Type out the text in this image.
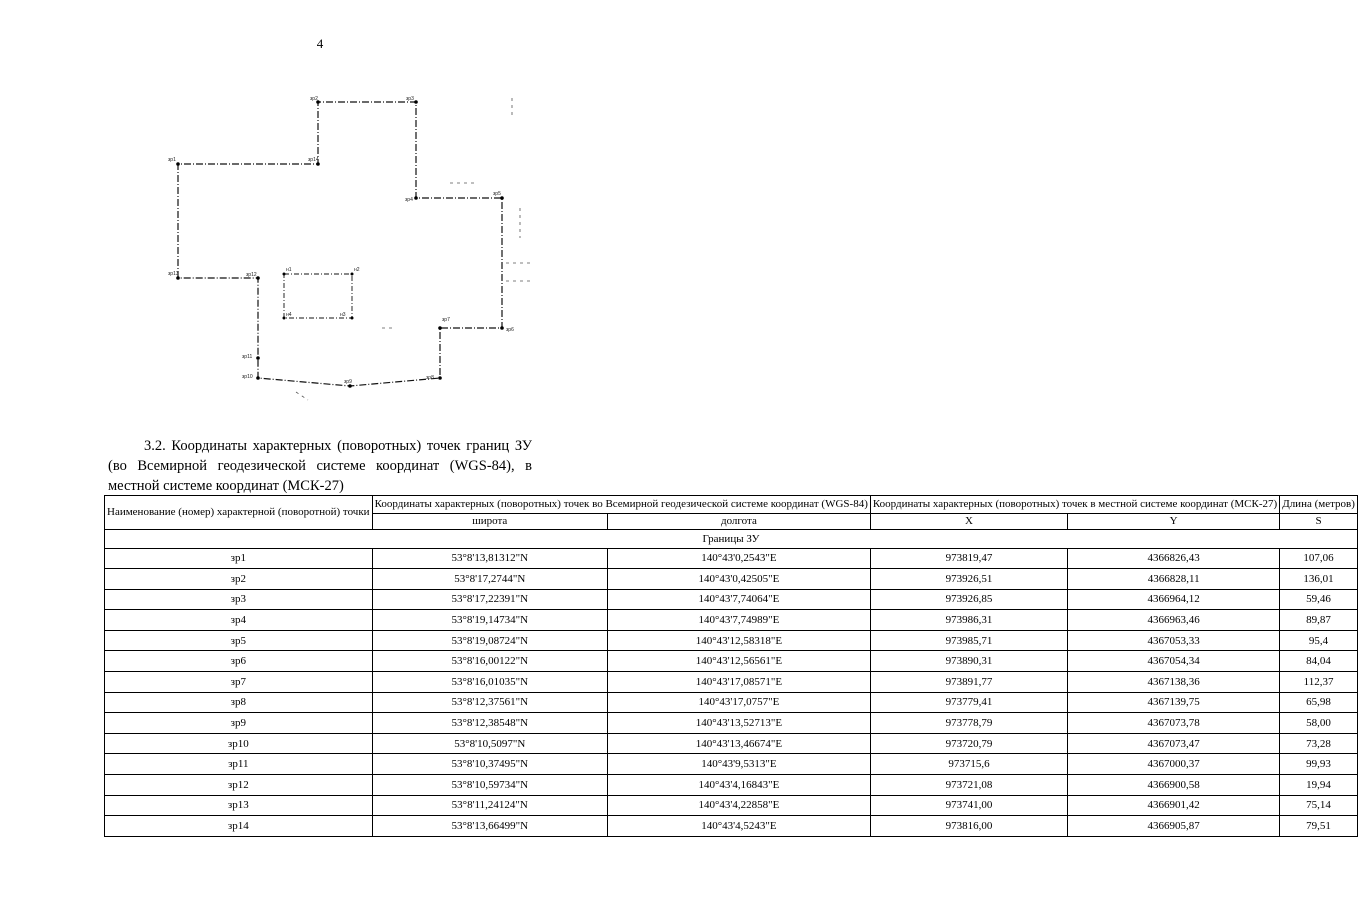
4
зр1
зр2	зр3
зр4
зр5
зр6
зр7
зр8
зр9
зр10
зр11
зр12
зр13
зр14
н1	н2
н3
н4
3.2. Координаты характерных (поворотных) точек границ ЗУ (во Всемирной геодезической системе координат (WGS-84), в местной системе координат (МСК-27)
Наименование (номер) характерной (поворотной) точки	Координаты характерных (поворотных) точек во Всемирной геодезической системе координат (WGS-84)		Координаты характерных (поворотных) точек в местной системе координат (МСК-27)		Длина (метров)
	широта	долгота	X	Y	S
Границы ЗУ					
зр1	53°8'13,81312"N	140°43'0,2543"E	973819,47	4366826,43	107,06
зр2	53°8'17,2744"N	140°43'0,42505"E	973926,51	4366828,11	136,01
зр3	53°8'17,22391"N	140°43'7,74064"E	973926,85	4366964,12	59,46
зр4	53°8'19,14734"N	140°43'7,74989"E	973986,31	4366963,46	89,87
зр5	53°8'19,08724"N	140°43'12,58318"E	973985,71	4367053,33	95,4
зр6	53°8'16,00122"N	140°43'12,56561"E	973890,31	4367054,34	84,04
зр7	53°8'16,01035"N	140°43'17,08571"E	973891,77	4367138,36	112,37
зр8	53°8'12,37561"N	140°43'17,0757"E	973779,41	4367139,75	65,98
зр9	53°8'12,38548"N	140°43'13,52713"E	973778,79	4367073,78	58,00
зр10	53°8'10,5097"N	140°43'13,46674"E	973720,79	4367073,47	73,28
зр11	53°8'10,37495"N	140°43'9,5313"E	973715,6	4367000,37	99,93
зр12	53°8'10,59734"N	140°43'4,16843"E	973721,08	4366900,58	19,94
зр13	53°8'11,24124"N	140°43'4,22858"E	973741,00	4366901,42	75,14
зр14	53°8'13,66499"N	140°43'4,5243"E	973816,00	4366905,87	79,51
